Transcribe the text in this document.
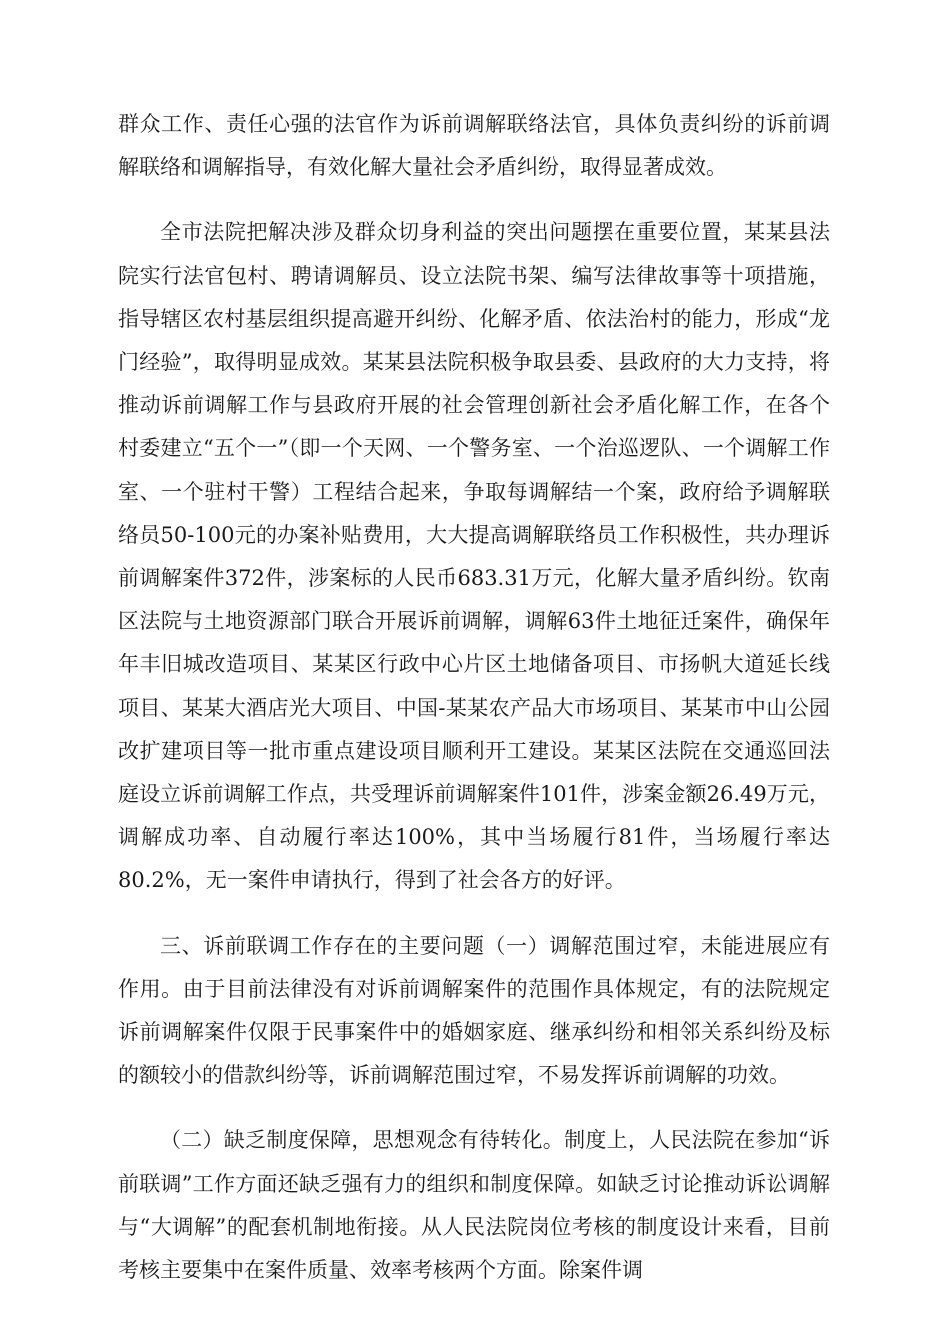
群众工作、责任心强的法官作为诉前调解联络法官，具体负责纠纷的诉前调解联络和调解指导，有效化解大量社会矛盾纠纷，取得显著成效。

全市法院把解决涉及群众切身利益的突出问题摆在重要位置，某某县法院实行法官包村、聘请调解员、设立法院书架、编写法律故事等十项措施，指导辖区农村基层组织提高避开纠纷、化解矛盾、依法治村的能力，形成“龙门经验”，取得明显成效。某某县法院积极争取县委、县政府的大力支持，将推动诉前调解工作与县政府开展的社会管理创新社会矛盾化解工作，在各个村委建立“五个一”（即一个天网、一个警务室、一个治巡逻队、一个调解工作室、一个驻村干警）工程结合起来，争取每调解结一个案，政府给予调解联络员50-100元的办案补贴费用，大大提高调解联络员工作积极性，共办理诉前调解案件372件，涉案标的人民币683.31万元，化解大量矛盾纠纷。钦南区法院与土地资源部门联合开展诉前调解，调解63件土地征迁案件，确保年年丰旧城改造项目、某某区行政中心片区土地储备项目、市扬帆大道延长线项目、某某大酒店光大项目、中国-某某农产品大市场项目、某某市中山公园改扩建项目等一批市重点建设项目顺利开工建设。某某区法院在交通巡回法庭设立诉前调解工作点，共受理诉前调解案件101件，涉案金额26.49万元，调解成功率、自动履行率达100%，其中当场履行81件，当场履行率达80.2%，无一案件申请执行，得到了社会各方的好评。

三、诉前联调工作存在的主要问题（一）调解范围过窄，未能进展应有作用。由于目前法律没有对诉前调解案件的范围作具体规定，有的法院规定诉前调解案件仅限于民事案件中的婚姻家庭、继承纠纷和相邻关系纠纷及标的额较小的借款纠纷等，诉前调解范围过窄，不易发挥诉前调解的功效。

（二）缺乏制度保障，思想观念有待转化。制度上，人民法院在参加“诉前联调”工作方面还缺乏强有力的组织和制度保障。如缺乏讨论推动诉讼调解与“大调解”的配套机制地衔接。从人民法院岗位考核的制度设计来看，目前考核主要集中在案件质量、效率考核两个方面。除案件调
